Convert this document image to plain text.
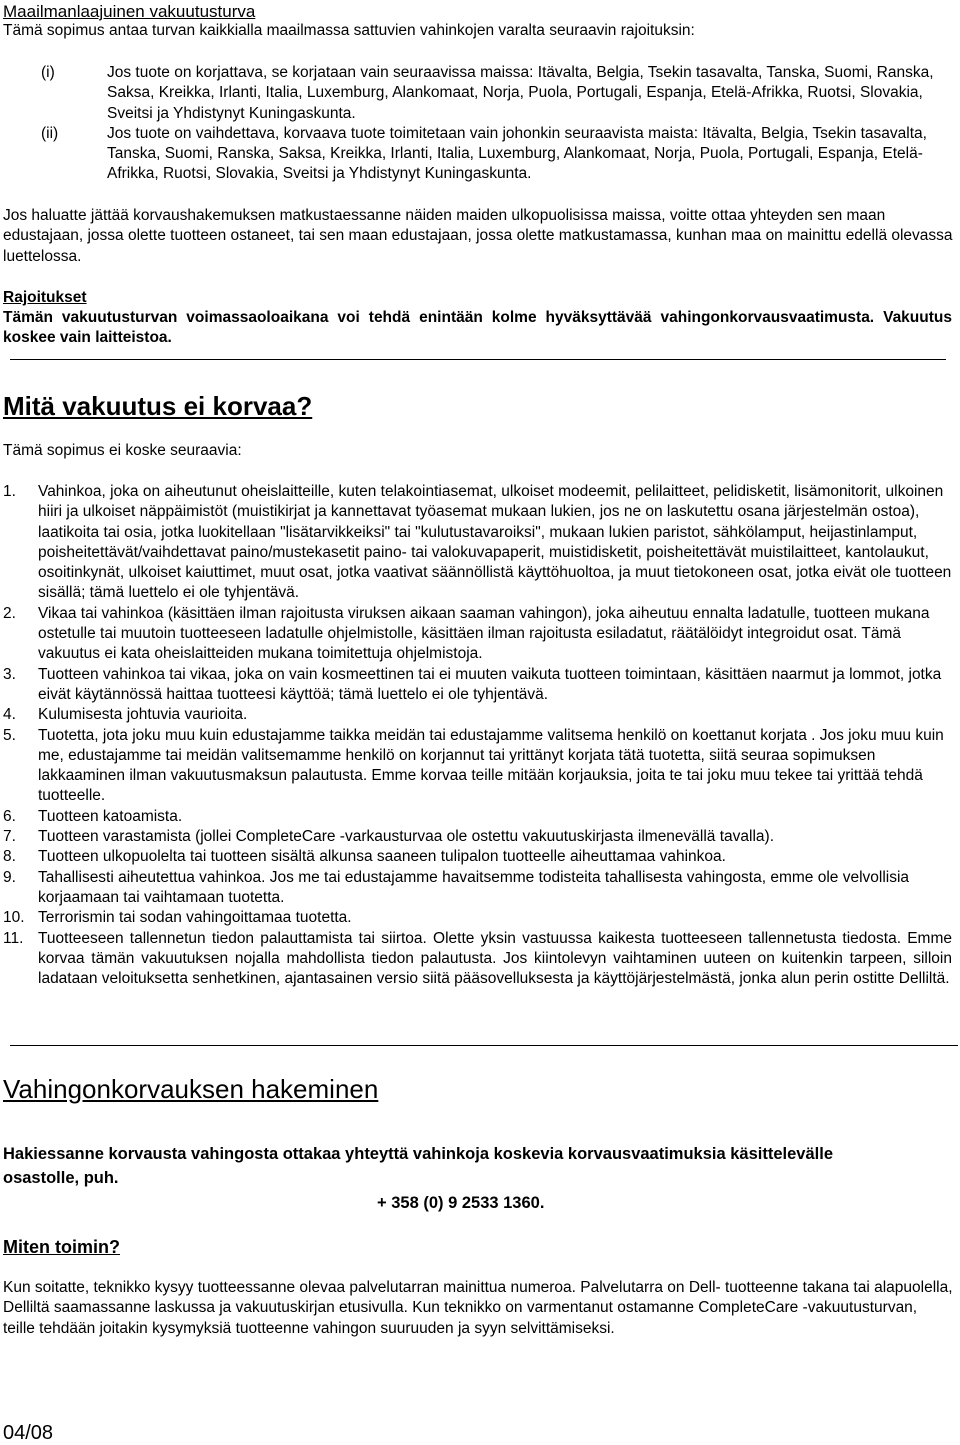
Maailmanlaajuinen vakuutusturva

Tämä sopimus antaa turvan kaikkialla maailmassa sattuvien vahinkojen varalta seuraavin rajoituksin:

(i)	Jos tuote on korjattava, se korjataan vain seuraavissa maissa: Itävalta, Belgia, Tsekin tasavalta, Tanska, Suomi, Ranska, Saksa, Kreikka, Irlanti, Italia, Luxemburg, Alankomaat, Norja, Puola, Portugali, Espanja, Etelä-Afrikka, Ruotsi, Slovakia, Sveitsi ja Yhdistynyt Kuningaskunta.

(ii)	Jos tuote on vaihdettava, korvaava tuote toimitetaan vain johonkin seuraavista maista: Itävalta, Belgia, Tsekin tasavalta, Tanska, Suomi, Ranska, Saksa, Kreikka, Irlanti, Italia, Luxemburg, Alankomaat, Norja, Puola, Portugali, Espanja, Etelä-Afrikka, Ruotsi, Slovakia, Sveitsi ja Yhdistynyt Kuningaskunta.

Jos haluatte jättää korvaushakemuksen matkustaessanne näiden maiden ulkopuolisissa maissa, voitte ottaa yhteyden sen maan edustajaan, jossa olette tuotteen ostaneet, tai sen maan edustajaan, jossa olette matkustamassa, kunhan maa on mainittu edellä olevassa luettelossa.

Rajoitukset

Tämän vakuutusturvan voimassaoloaikana voi tehdä enintään kolme hyväksyttävää vahingonkorvausvaatimusta. Vakuutus koskee vain laitteistoa.

Mitä vakuutus ei korvaa?

Tämä sopimus ei koske seuraavia:

1.	Vahinkoa, joka on aiheutunut oheislaitteille, kuten telakointiasemat, ulkoiset modeemit, pelilaitteet, pelidisketit, lisämonitorit, ulkoinen hiiri ja ulkoiset näppäimistöt (muistikirjat ja kannettavat työasemat mukaan lukien, jos ne on laskutettu osana järjestelmän ostoa), laatikoita tai osia, jotka luokitellaan "lisätarvikkeiksi" tai "kulutustavaroiksi", mukaan lukien paristot, sähkölamput, heijastinlamput, poisheitettävät/vaihdettavat paino/mustekasetit paino- tai valokuvapaperit, muistidisketit, poisheitettävät muistilaitteet, kantolaukut, osoitinkynät, ulkoiset kaiuttimet, muut osat, jotka vaativat säännöllistä käyttöhuoltoa, ja muut tietokoneen osat, jotka eivät ole tuotteen sisällä; tämä luettelo ei ole tyhjentävä.

2.	Vikaa tai vahinkoa (käsittäen ilman rajoitusta viruksen aikaan saaman vahingon), joka aiheutuu ennalta ladatulle, tuotteen mukana ostetulle tai muutoin tuotteeseen ladatulle ohjelmistolle, käsittäen ilman rajoitusta esiladatut, räätälöidyt integroidut osat. Tämä vakuutus ei kata oheislaitteiden mukana toimitettuja ohjelmistoja.

3.	Tuotteen vahinkoa tai vikaa, joka on vain kosmeettinen tai ei muuten vaikuta tuotteen toimintaan, käsittäen naarmut ja lommot, jotka eivät käytännössä haittaa tuotteesi käyttöä; tämä luettelo ei ole tyhjentävä.

4.	Kulumisesta johtuvia vaurioita.

5.	Tuotetta, jota joku muu kuin edustajamme taikka meidän tai edustajamme valitsema henkilö on koettanut korjata . Jos joku muu kuin me, edustajamme tai meidän valitsemamme henkilö on korjannut tai yrittänyt korjata tätä tuotetta, siitä seuraa sopimuksen lakkaaminen ilman vakuutusmaksun palautusta. Emme korvaa teille mitään korjauksia, joita te tai joku muu tekee tai yrittää tehdä tuotteelle.

6.	Tuotteen katoamista.

7.	Tuotteen varastamista (jollei CompleteCare -varkausturvaa ole ostettu vakuutuskirjasta ilmenevällä tavalla).

8.	Tuotteen ulkopuolelta tai tuotteen sisältä alkunsa saaneen tulipalon tuotteelle aiheuttamaa vahinkoa.

9.	Tahallisesti aiheutettua vahinkoa. Jos me tai edustajamme havaitsemme todisteita tahallisesta vahingosta, emme ole velvollisia korjaamaan tai vaihtamaan tuotetta.

10. Terrorismin tai sodan vahingoittamaa tuotetta.

11. Tuotteeseen tallennetun tiedon palauttamista tai siirtoa. Olette yksin vastuussa kaikesta tuotteeseen tallennetusta tiedosta. Emme korvaa tämän vakuutuksen nojalla mahdollista tiedon palautusta. Jos kiintolevyn vaihtaminen uuteen on kuitenkin tarpeen, silloin ladataan veloituksetta senhetkinen, ajantasainen versio siitä pääsovelluksesta ja käyttöjärjestelmästä, jonka alun perin ostitte Delliltä.

Vahingonkorvauksen hakeminen

Hakiessanne korvausta vahingosta ottakaa yhteyttä vahinkoja koskevia korvausvaatimuksia käsittelevälle osastolle, puh.

+ 358 (0) 9 2533 1360.
Miten toimin?

Kun soitatte, teknikko kysyy tuotteessanne olevaa palvelutarran mainittua numeroa. Palvelutarra on Dell- tuotteenne takana tai alapuolella, Delliltä saamassanne laskussa ja vakuutuskirjan etusivulla. Kun teknikko on varmentanut ostamanne CompleteCare -vakuutusturvan, teille tehdään joitakin kysymyksiä tuotteenne vahingon suuruuden ja syyn selvittämiseksi.

04/08
